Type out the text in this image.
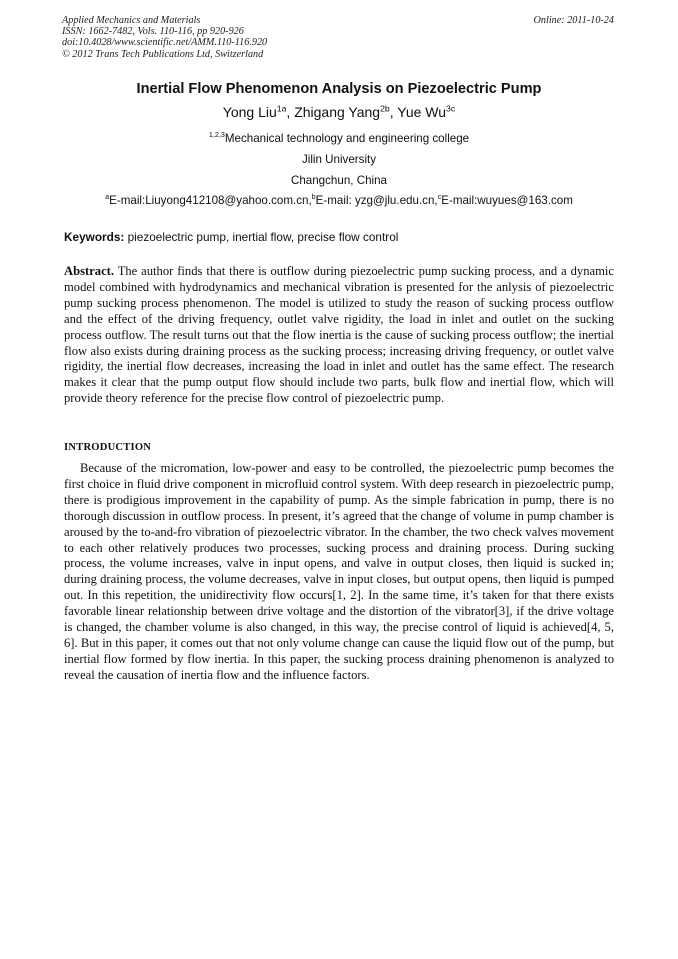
Applied Mechanics and Materials
ISSN: 1662-7482, Vols. 110-116, pp 920-926
doi:10.4028/www.scientific.net/AMM.110-116.920
© 2012 Trans Tech Publications Ltd, Switzerland
Online: 2011-10-24
Inertial Flow Phenomenon Analysis on Piezoelectric Pump
Yong Liu$^{1a}$, Zhigang Yang$^{2b}$, Yue $Wu^{3c}$
$^{1,2,3}$Mechanical technology and engineering college
Jilin University
Changchun, China
$^a$E-mail:Liuyong412108@yahoo.com.cn,$^b$E-mail: yzg@jlu.edu.cn,$^c$E-mail:wuyues@163.com
Keywords: piezoelectric pump, inertial flow, precise flow control
Abstract. The author finds that there is outflow during piezoelectric pump sucking process, and a dynamic model combined with hydrodynamics and mechanical vibration is presented for the anlysis of piezoelectric pump sucking process phenomenon. The model is utilized to study the reason of sucking process outflow and the effect of the driving frequency, outlet valve rigidity, the load in inlet and outlet on the sucking process outflow. The result turns out that the flow inertia is the cause of sucking process outflow; the inertial flow also exists during draining process as the sucking process; increasing driving frequency, or outlet valve rigidity, the inertial flow decreases, increasing the load in inlet and outlet has the same effect. The research makes it clear that the pump output flow should include two parts, bulk flow and inertial flow, which will provide theory reference for the precise flow control of piezoelectric pump.
INTRODUCTION
Because of the micromation, low-power and easy to be controlled, the piezoelectric pump becomes the first choice in fluid drive component in microfluid control system. With deep research in piezoelectric pump, there is prodigious improvement in the capability of pump. As the simple fabrication in pump, there is no thorough discussion in outflow process. In present, it’s agreed that the change of volume in pump chamber is aroused by the to-and-fro vibration of piezoelectric vibrator. In the chamber, the two check valves movement to each other relatively produces two processes, sucking process and draining process. During sucking process, the volume increases, valve in input opens, and valve in output closes, then liquid is sucked in; during draining process, the volume decreases, valve in input closes, but output opens, then liquid is pumped out. In this repetition, the unidirectivity flow occurs[1, 2]. In the same time, it’s taken for that there exists favorable linear relationship between drive voltage and the distortion of the vibrator[3], if the drive voltage is changed, the chamber volume is also changed, in this way, the precise control of liquid is achieved[4, 5, 6]. But in this paper, it comes out that not only volume change can cause the liquid flow out of the pump, but inertial flow formed by flow inertia. In this paper, the sucking process draining phenomenon is analyzed to reveal the causation of inertia flow and the influence factors.
